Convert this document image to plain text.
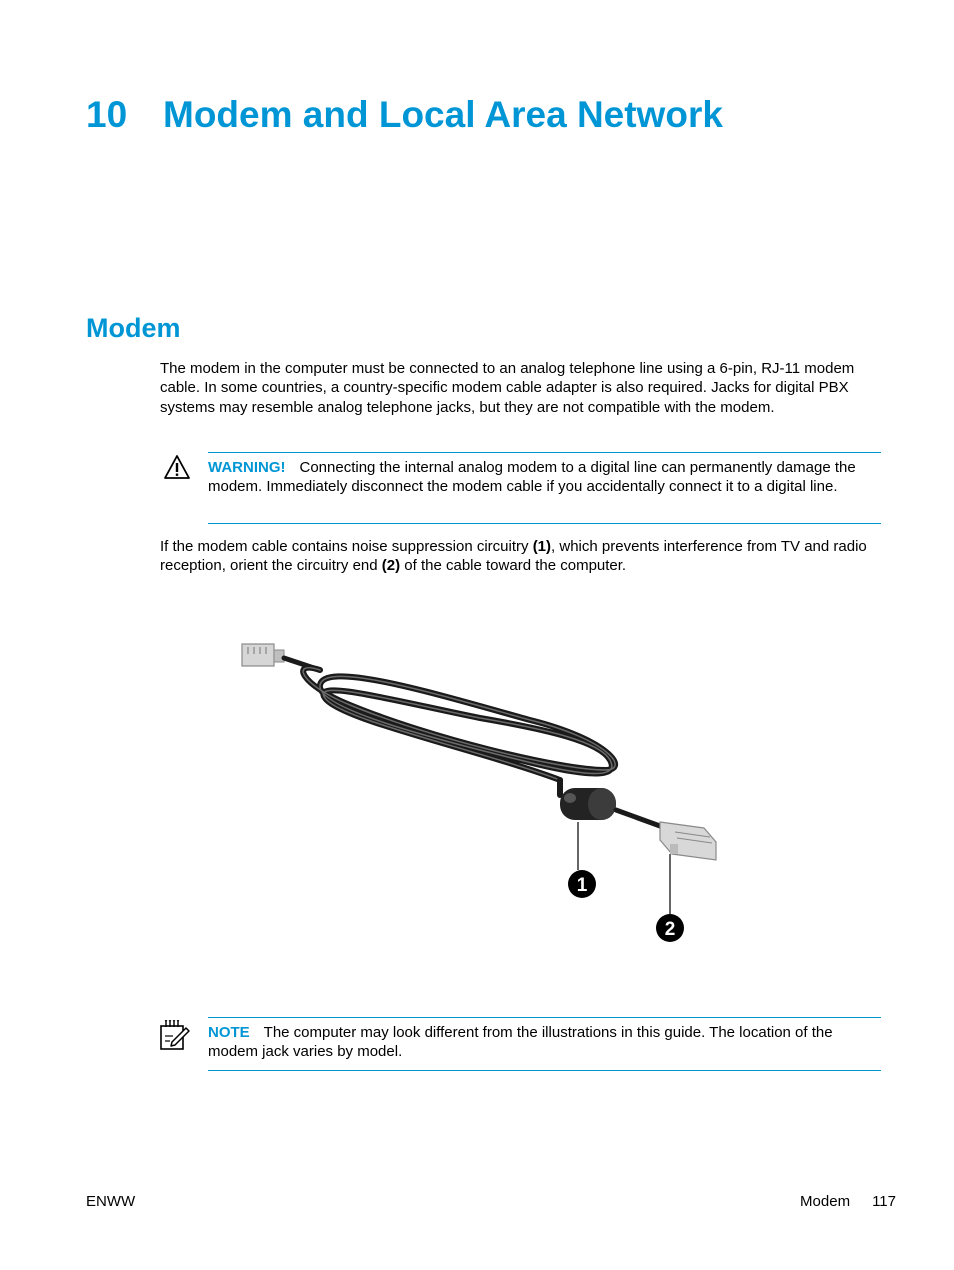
10 Modem and Local Area Network
Modem

The modem in the computer must be connected to an analog telephone line using a 6-pin, RJ-11 modem cable. In some countries, a country-specific modem cable adapter is also required. Jacks for digital PBX systems may resemble analog telephone jacks, but they are not compatible with the modem.

WARNING! Connecting the internal analog modem to a digital line can permanently damage the modem. Immediately disconnect the modem cable if you accidentally connect it to a digital line.

If the modem cable contains noise suppression circuitry (1), which prevents interference from TV and radio reception, orient the circuitry end (2) of the cable toward the computer.

1
2

NOTE The computer may look different from the illustrations in this guide. The location of the modem jack varies by model.

ENWW	Modem 117
